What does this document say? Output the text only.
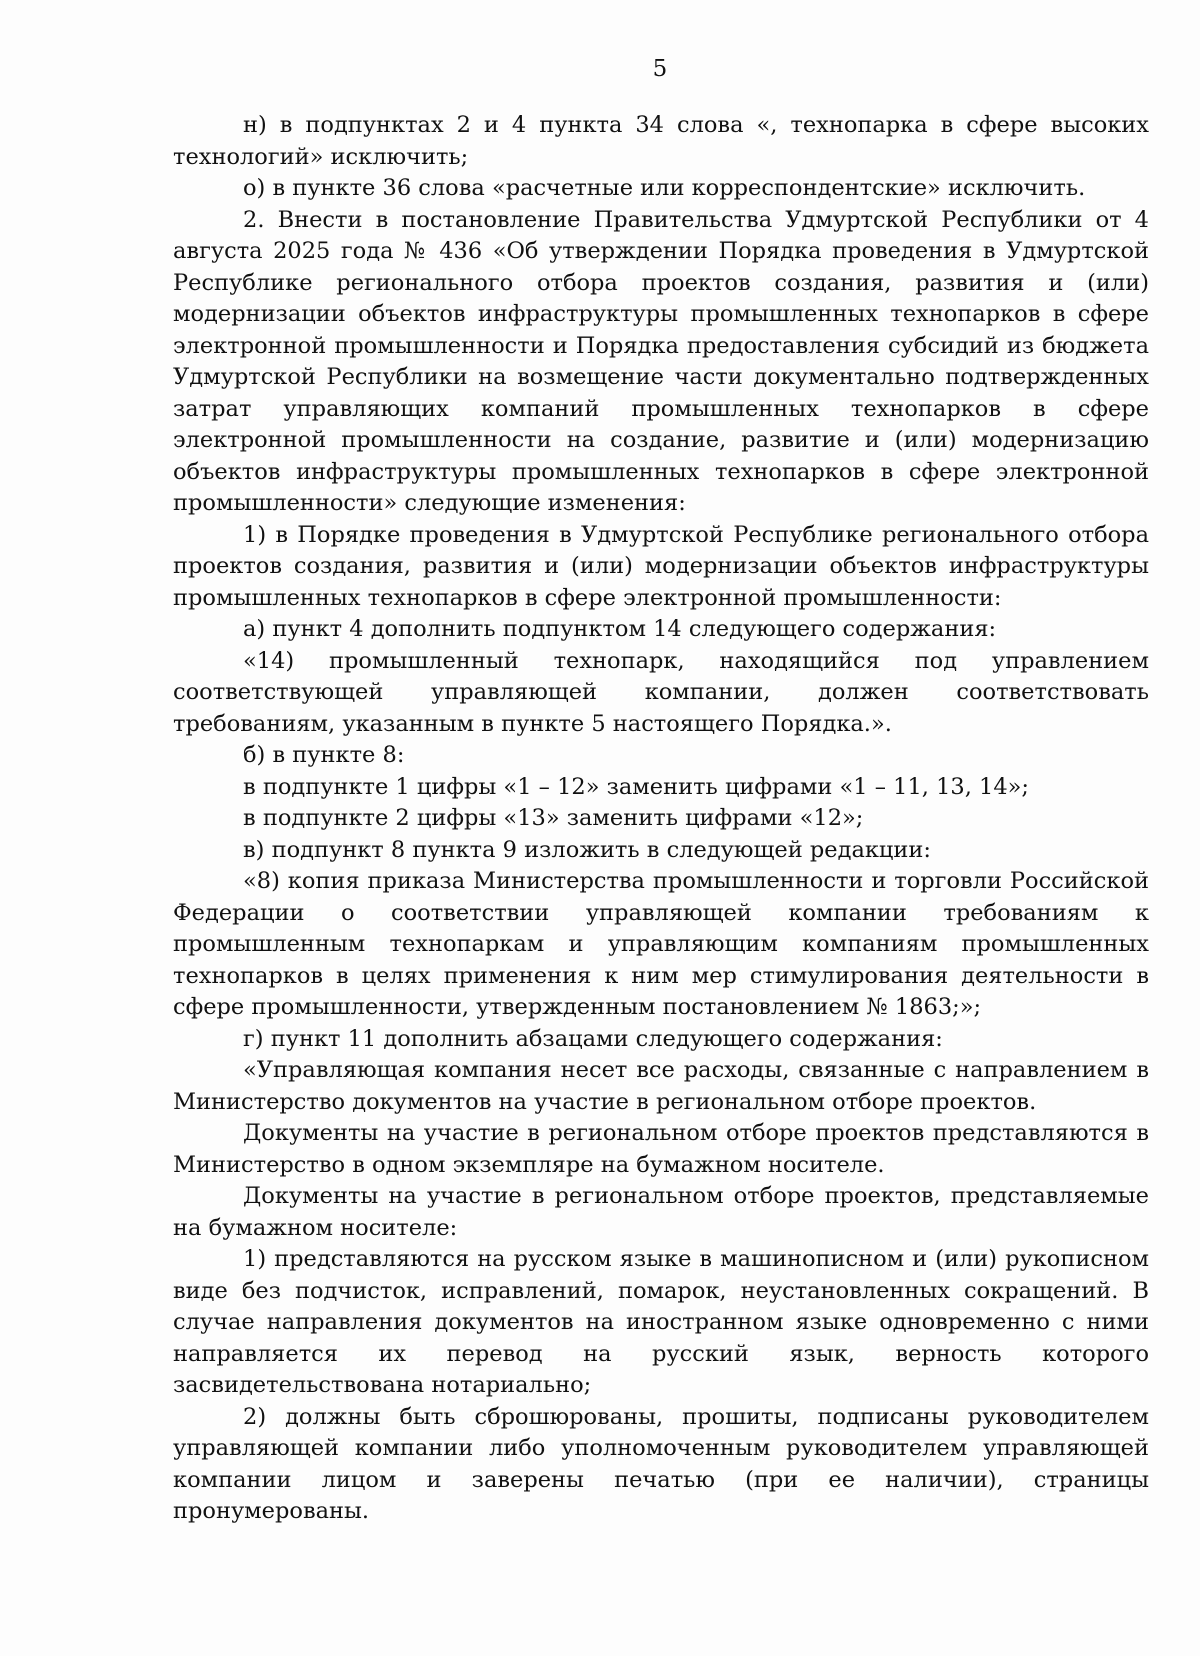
5

н) в подпунктах 2 и 4 пункта 34 слова «, технопарка в сфере высоких технологий» исключить;

о) в пункте 36 слова «расчетные или корреспондентские» исключить.

2. Внести в постановление Правительства Удмуртской Республики от 4 августа 2025 года № 436 «Об утверждении Порядка проведения в Удмуртской Республике регионального отбора проектов создания, развития и (или) модернизации объектов инфраструктуры промышленных технопарков в сфере электронной промышленности и Порядка предоставления субсидий из бюджета Удмуртской Республики на возмещение части документально подтвержденных затрат управляющих компаний промышленных технопарков в сфере электронной промышленности на создание, развитие и (или) модернизацию объектов инфраструктуры промышленных технопарков в сфере электронной промышленности» следующие изменения:

1) в Порядке проведения в Удмуртской Республике регионального отбора проектов создания, развития и (или) модернизации объектов инфраструктуры промышленных технопарков в сфере электронной промышленности:

а) пункт 4 дополнить подпунктом 14 следующего содержания:

«14) промышленный технопарк, находящийся под управлением соответствующей управляющей компании, должен соответствовать требованиям, указанным в пункте 5 настоящего Порядка.».

б) в пункте 8:

в подпункте 1 цифры «1 – 12» заменить цифрами «1 – 11, 13, 14»;

в подпункте 2 цифры «13» заменить цифрами «12»;

в) подпункт 8 пункта 9 изложить в следующей редакции:

«8) копия приказа Министерства промышленности и торговли Российской Федерации о соответствии управляющей компании требованиям к промышленным технопаркам и управляющим компаниям промышленных технопарков в целях применения к ним мер стимулирования деятельности в сфере промышленности, утвержденным постановлением № 1863;»;

г) пункт 11 дополнить абзацами следующего содержания:

«Управляющая компания несет все расходы, связанные с направлением в Министерство документов на участие в региональном отборе проектов.

Документы на участие в региональном отборе проектов представляются в Министерство в одном экземпляре на бумажном носителе.

Документы на участие в региональном отборе проектов, представляемые на бумажном носителе:

1) представляются на русском языке в машинописном и (или) рукописном виде без подчисток, исправлений, помарок, неустановленных сокращений. В случае направления документов на иностранном языке одновременно с ними направляется их перевод на русский язык, верность которого засвидетельствована нотариально;

2) должны быть сброшюрованы, прошиты, подписаны руководителем управляющей компании либо уполномоченным руководителем управляющей компании лицом и заверены печатью (при ее наличии), страницы пронумерованы.
